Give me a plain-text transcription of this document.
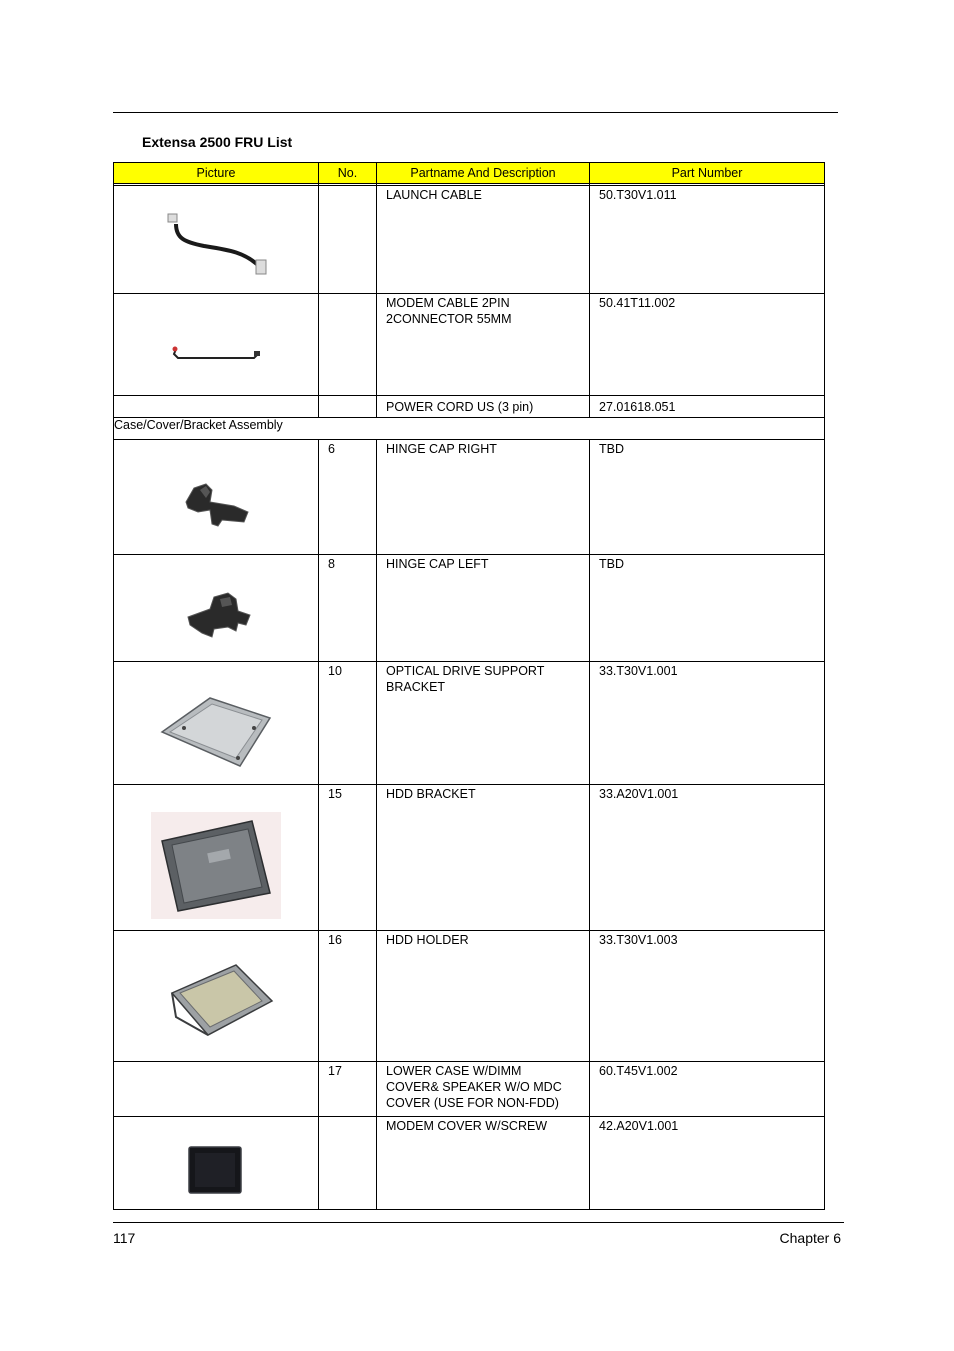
Extensa 2500 FRU List
Picture	No.	Partname And Description	Part Number

LAUNCH CABLE	50.T30V1.011

MODEM CABLE 2PIN
2CONNECTOR 55MM	50.41T11.002

		POWER CORD US (3 pin)	27.01618.051

Case/Cover/Bracket Assembly			

6	HINGE CAP RIGHT	TBD

8	HINGE CAP LEFT	TBD

10	OPTICAL DRIVE SUPPORT
BRACKET	33.T30V1.001

15	HDD BRACKET	33.A20V1.001

16	HDD HOLDER	33.T30V1.003

	17	LOWER CASE W/DIMM
COVER& SPEAKER W/O MDC
COVER (USE FOR NON-FDD)	60.T45V1.002

MODEM COVER W/SCREW	42.A20V1.001
117	Chapter 6
